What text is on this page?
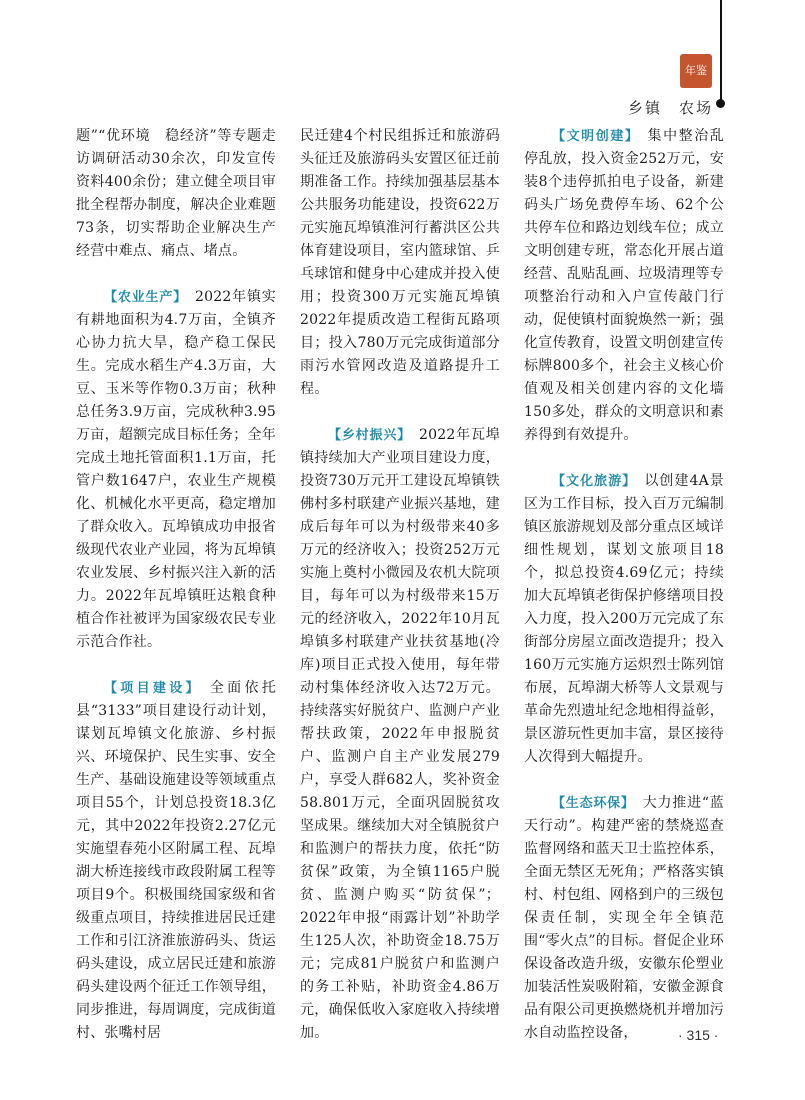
年鉴
乡镇　农场

题”“优环境　稳经济”等专题走访调研活动30余次，印发宣传资料400余份；建立健全项目审批全程帮办制度，解决企业难题73条，切实帮助企业解决生产经营中难点、痛点、堵点。

【农业生产】 2022年镇实有耕地面积为4.7万亩，全镇齐心协力抗大旱，稳产稳工保民生。完成水稻生产4.3万亩，大豆、玉米等作物0.3万亩；秋种总任务3.9万亩，完成秋种3.95万亩，超额完成目标任务；全年完成土地托管面积1.1万亩，托管户数1647户，农业生产规模化、机械化水平更高，稳定增加了群众收入。瓦埠镇成功申报省级现代农业产业园，将为瓦埠镇农业发展、乡村振兴注入新的活力。2022年瓦埠镇旺达粮食种植合作社被评为国家级农民专业示范合作社。

【项目建设】 全面依托县“3133”项目建设行动计划，谋划瓦埠镇文化旅游、乡村振兴、环境保护、民生实事、安全生产、基础设施建设等领域重点项目55个，计划总投资18.3亿元，其中2022年投资2.27亿元实施望春苑小区附属工程、瓦埠湖大桥连接线市政段附属工程等项目9个。积极围绕国家级和省级重点项目，持续推进居民迁建工作和引江济淮旅游码头、货运码头建设，成立居民迁建和旅游码头建设两个征迁工作领导组，同步推进，每周调度，完成街道村、张嘴村居

民迁建4个村民组拆迁和旅游码头征迁及旅游码头安置区征迁前期准备工作。持续加强基层基本公共服务功能建设，投资622万元实施瓦埠镇淮河行蓄洪区公共体育建设项目，室内篮球馆、乒乓球馆和健身中心建成并投入使用；投资300万元实施瓦埠镇2022年提质改造工程街瓦路项目；投入780万元完成街道部分雨污水管网改造及道路提升工程。

【乡村振兴】 2022年瓦埠镇持续加大产业项目建设力度，投资730万元开工建设瓦埠镇铁佛村多村联建产业振兴基地，建成后每年可以为村级带来40多万元的经济收入；投资252万元实施上奠村小微园及农机大院项目，每年可以为村级带来15万元的经济收入，2022年10月瓦埠镇多村联建产业扶贫基地(冷库)项目正式投入使用，每年带动村集体经济收入达72万元。持续落实好脱贫户、监测户产业帮扶政策，2022年申报脱贫户、监测户自主产业发展279户，享受人群682人，奖补资金58.801万元，全面巩固脱贫攻坚成果。继续加大对全镇脱贫户和监测户的帮扶力度，依托“防贫保”政策，为全镇1165户脱贫、监测户购买“防贫保”；2022年申报“雨露计划”补助学生125人次，补助资金18.75万元；完成81户脱贫户和监测户的务工补贴，补助资金4.86万元，确保低收入家庭收入持续增加。

【文明创建】 集中整治乱停乱放，投入资金252万元，安装8个违停抓拍电子设备，新建码头广场免费停车场、62个公共停车位和路边划线车位；成立文明创建专班，常态化开展占道经营、乱贴乱画、垃圾清理等专项整治行动和入户宣传敲门行动，促使镇村面貌焕然一新；强化宣传教育，设置文明创建宣传标牌800多个，社会主义核心价值观及相关创建内容的文化墙150多处，群众的文明意识和素养得到有效提升。

【文化旅游】 以创建4A景区为工作目标，投入百万元编制镇区旅游规划及部分重点区域详细性规划，谋划文旅项目18个，拟总投资4.69亿元；持续加大瓦埠镇老街保护修缮项目投入力度，投入200万元完成了东街部分房屋立面改造提升；投入160万元实施方运炽烈士陈列馆布展，瓦埠湖大桥等人文景观与革命先烈遗址纪念地相得益彰，景区游玩性更加丰富，景区接待人次得到大幅提升。

【生态环保】 大力推进“蓝天行动”。构建严密的禁烧巡查监督网络和蓝天卫士监控体系，全面无禁区无死角；严格落实镇村、村包组、网格到户的三级包保责任制，实现全年全镇范围“零火点”的目标。督促企业环保设备改造升级，安徽东伦塑业加装活性炭吸附箱，安徽金源食品有限公司更换燃烧机并增加污水自动监控设备，	· 315 ·
